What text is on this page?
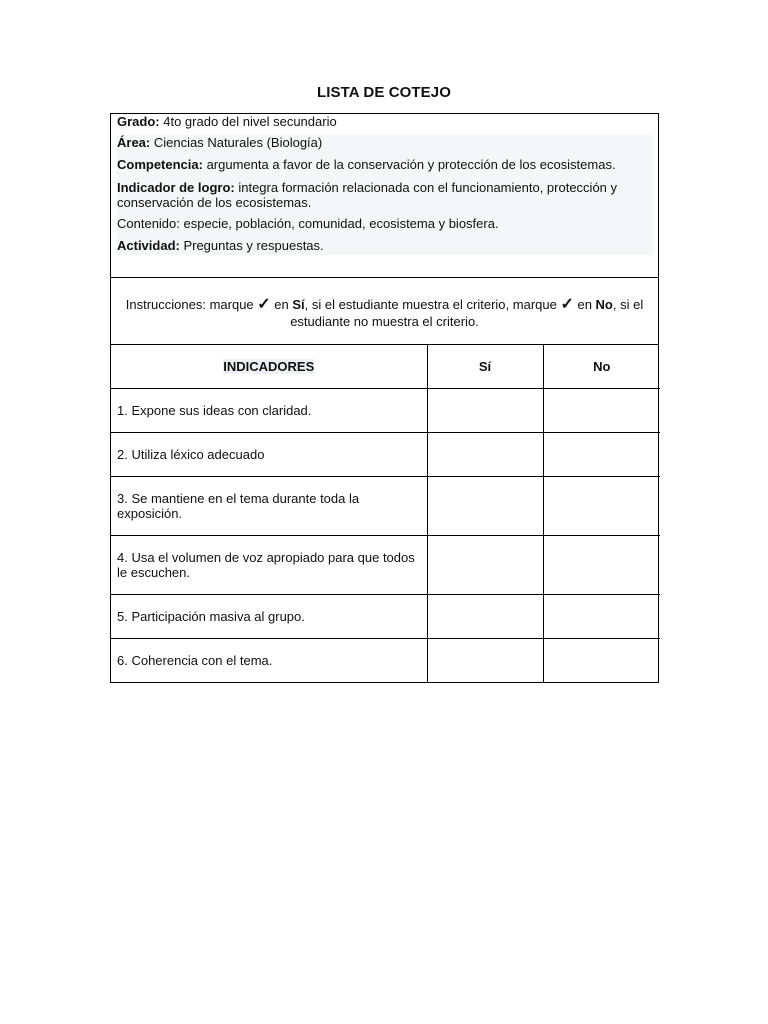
LISTA DE COTEJO
Grado: 4to grado del nivel secundario
Área: Ciencias Naturales (Biología)
Competencia: argumenta a favor de la conservación y protección de los ecosistemas.
Indicador de logro: integra formación relacionada con el funcionamiento, protección y conservación de los ecosistemas.
Contenido: especie, población, comunidad, ecosistema y biosfera.
Actividad: Preguntas y respuestas.
Instrucciones: marque ✓ en Sí, si el estudiante muestra el criterio, marque ✓ en No, si el estudiante no muestra el criterio.
INDICADORES	Sí	No
1. Expone sus ideas con claridad.		
2. Utiliza léxico adecuado		
3. Se mantiene en el tema durante toda la exposición.		
4. Usa el volumen de voz apropiado para que todos le escuchen.		
5. Participación masiva al grupo.		
6. Coherencia con el tema.		
